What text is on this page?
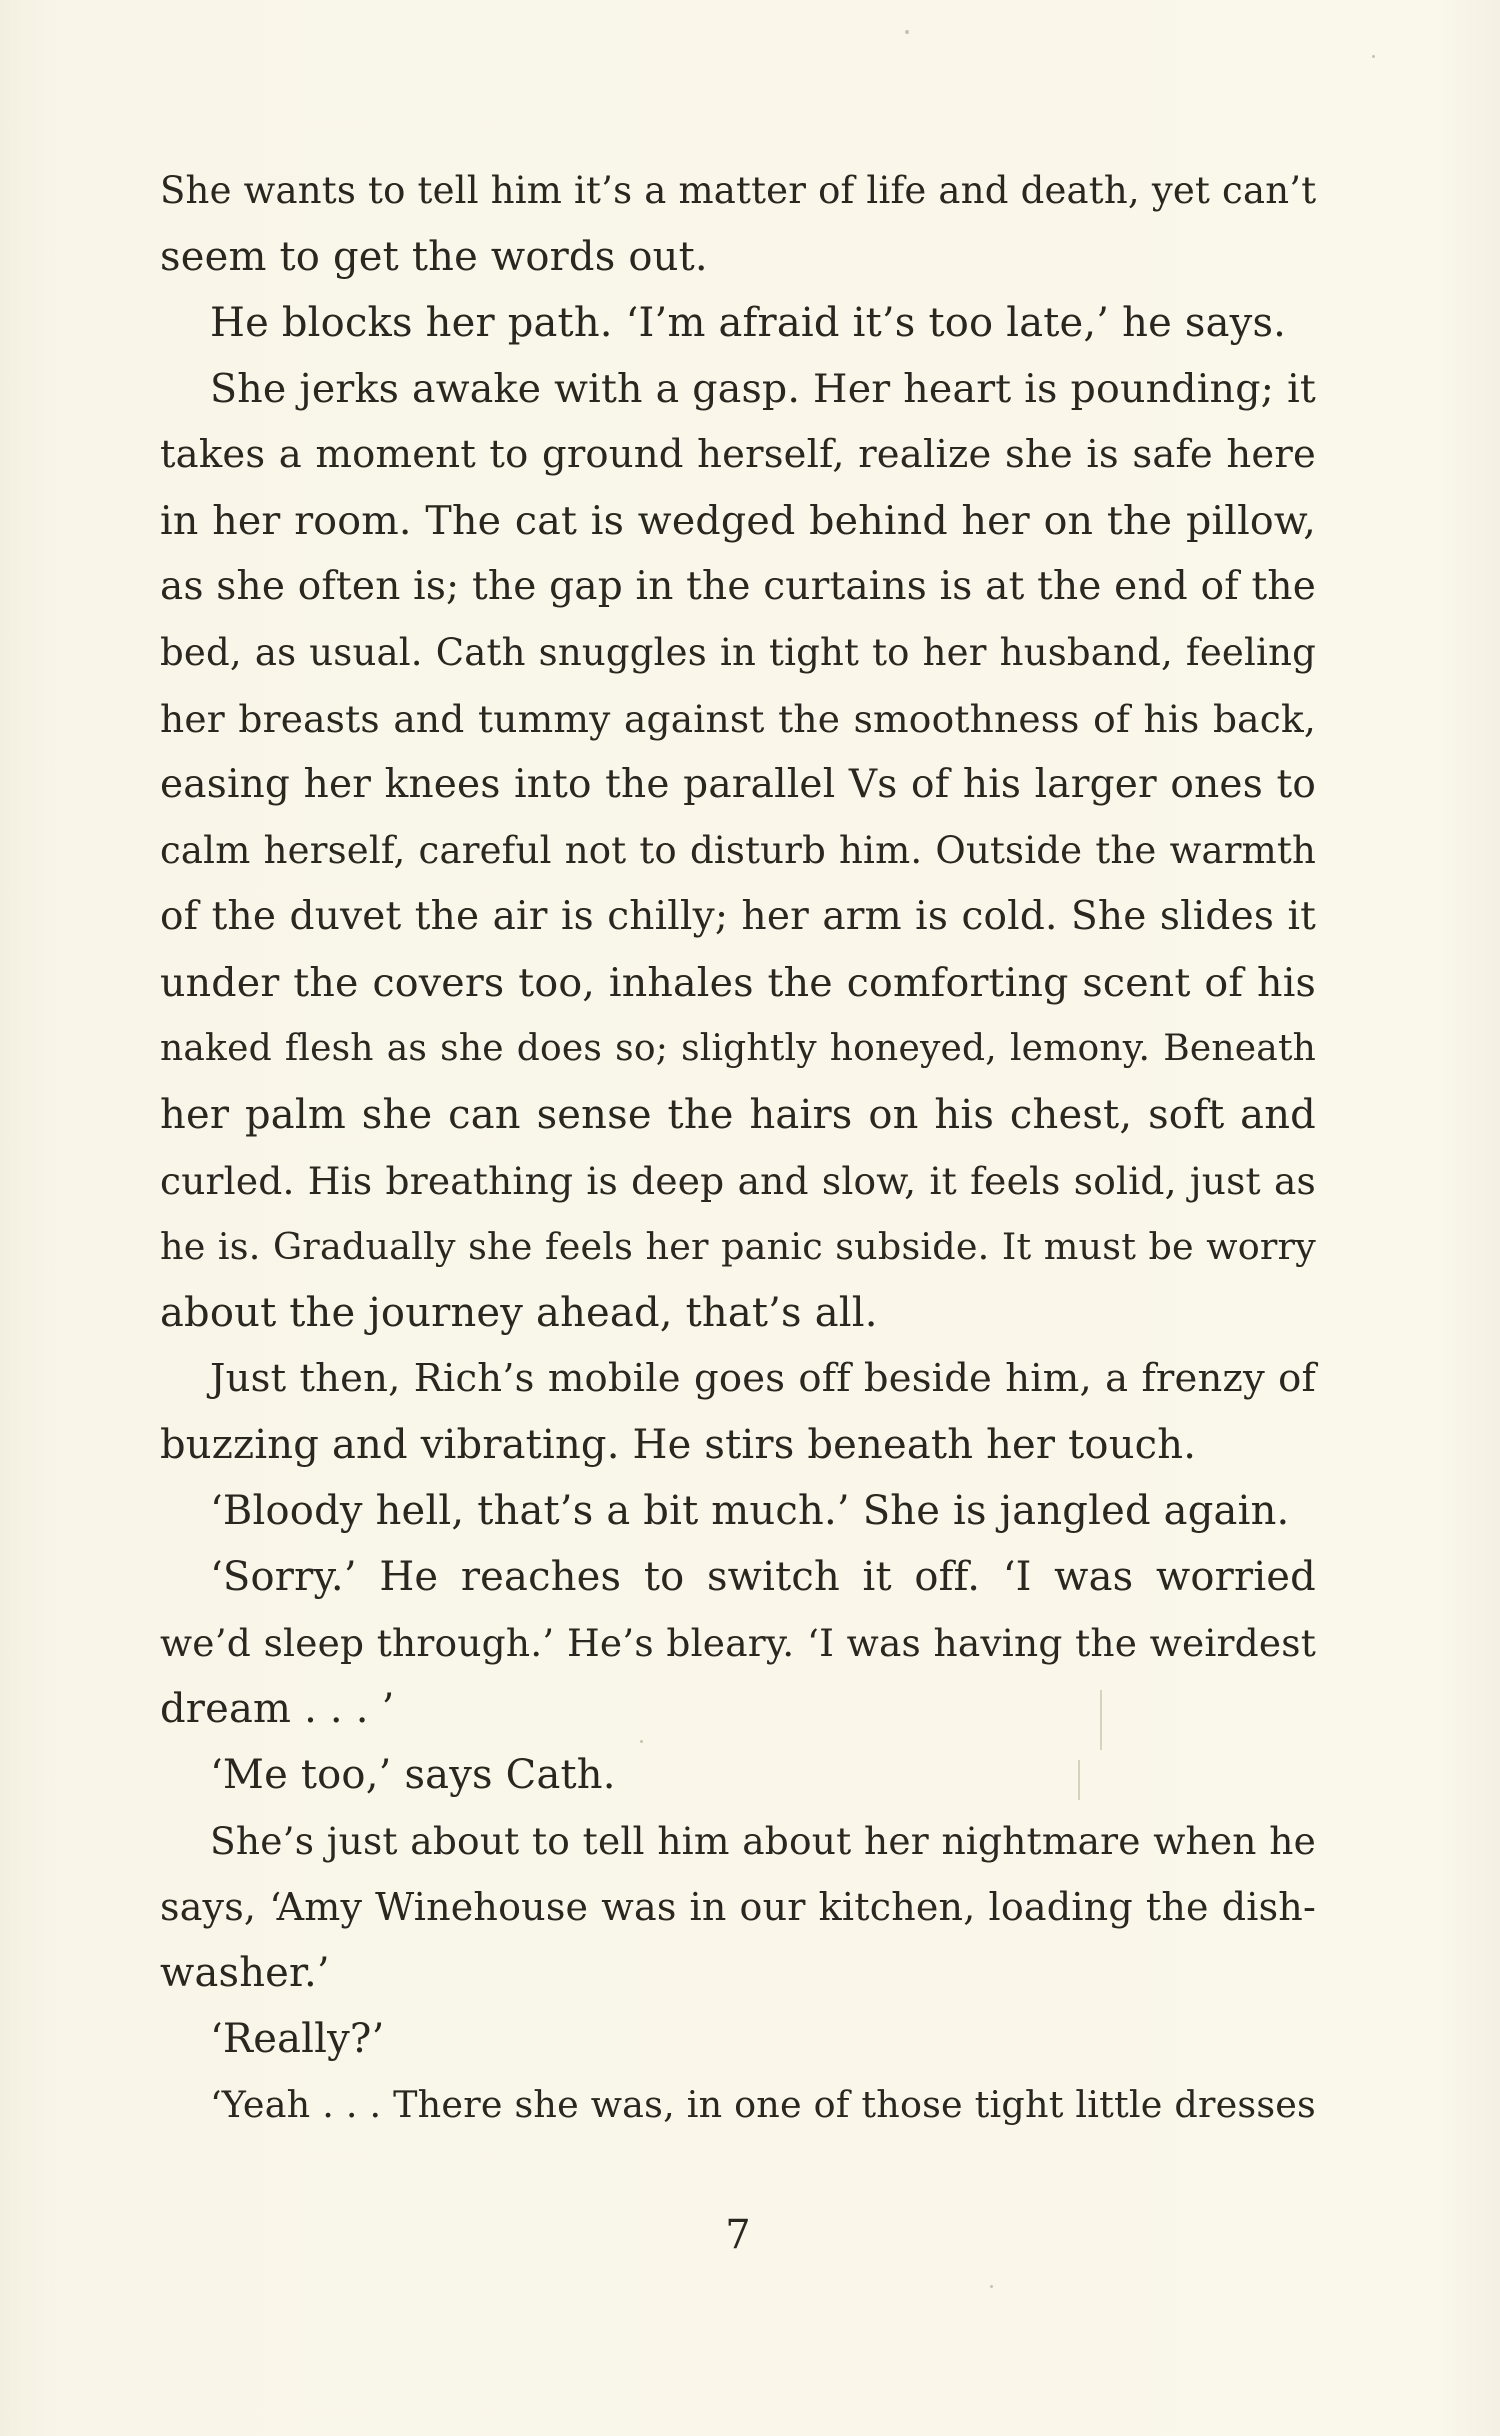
She wants to tell him it’s a matter of life and death, yet can’t
seem to get the words out.
He blocks her path. ‘I’m afraid it’s too late,’ he says.
She jerks awake with a gasp. Her heart is pounding; it
takes a moment to ground herself, realize she is safe here
in her room. The cat is wedged behind her on the pillow,
as she often is; the gap in the curtains is at the end of the
bed, as usual. Cath snuggles in tight to her husband, feeling
her breasts and tummy against the smoothness of his back,
easing her knees into the parallel Vs of his larger ones to
calm herself, careful not to disturb him. Outside the warmth
of the duvet the air is chilly; her arm is cold. She slides it
under the covers too, inhales the comforting scent of his
naked flesh as she does so; slightly honeyed, lemony. Beneath
her palm she can sense the hairs on his chest, soft and
curled. His breathing is deep and slow, it feels solid, just as
he is. Gradually she feels her panic subside. It must be worry
about the journey ahead, that’s all.
Just then, Rich’s mobile goes off beside him, a frenzy of
buzzing and vibrating. He stirs beneath her touch.
‘Bloody hell, that’s a bit much.’ She is jangled again.
‘Sorry.’ He reaches to switch it off. ‘I was worried
we’d sleep through.’ He’s bleary. ‘I was having the weirdest
dream . . . ’
‘Me too,’ says Cath.
She’s just about to tell him about her nightmare when he
says, ‘Amy Winehouse was in our kitchen, loading the dish-
washer.’
‘Really?’
‘Yeah . . . There she was, in one of those tight little dresses
7
